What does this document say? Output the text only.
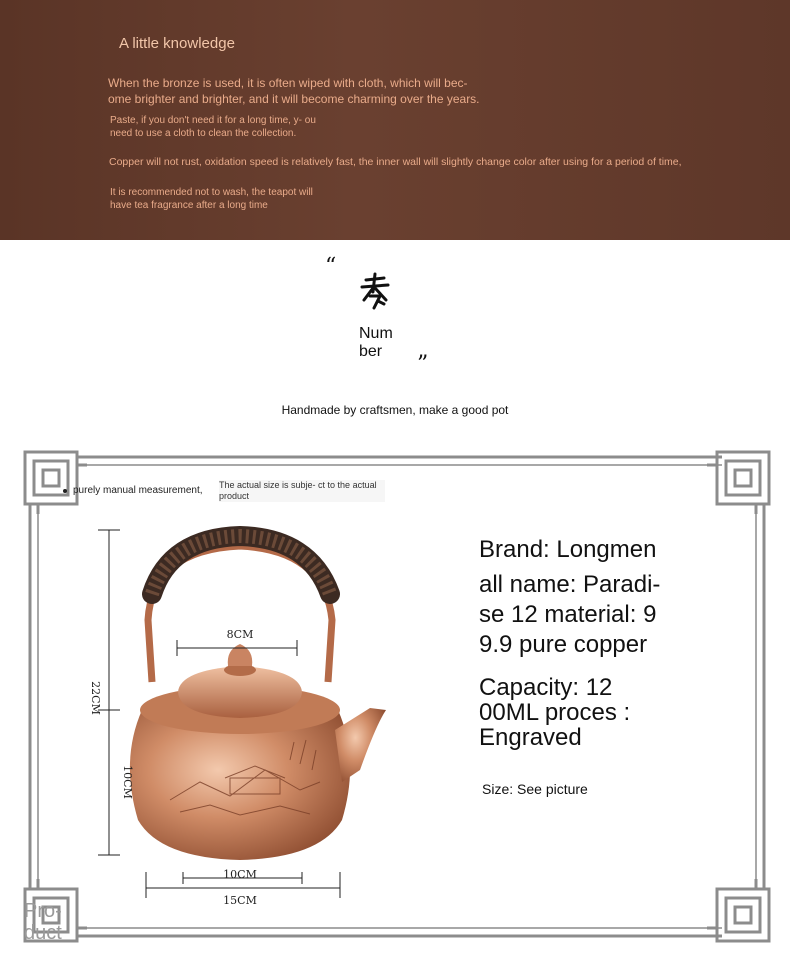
A little knowledge
When the bronze is used, it is often wiped with cloth, which will bec- ome brighter and brighter, and it will become charming over the years.
Paste, if you don't need it for a long time, y- ou need to use a cloth to clean the collection.
Copper will not rust, oxidation speed is relatively fast, the inner wall will slightly change color after using for a period of time,
It is recommended not to wash, the teapot will have tea fragrance after a long time
“
Num ber
”
Handmade by craftsmen, make a good pot
purely manual measurement, The actual size is subje- ct to the actual product
8CM
22CM
10CM
10CM
15CM
Brand: Longmen
all name: Paradi- se 12 material: 9 9.9 pure copper
Capacity: 12 00ML proces : Engraved
Size: See picture
Pro- duct
